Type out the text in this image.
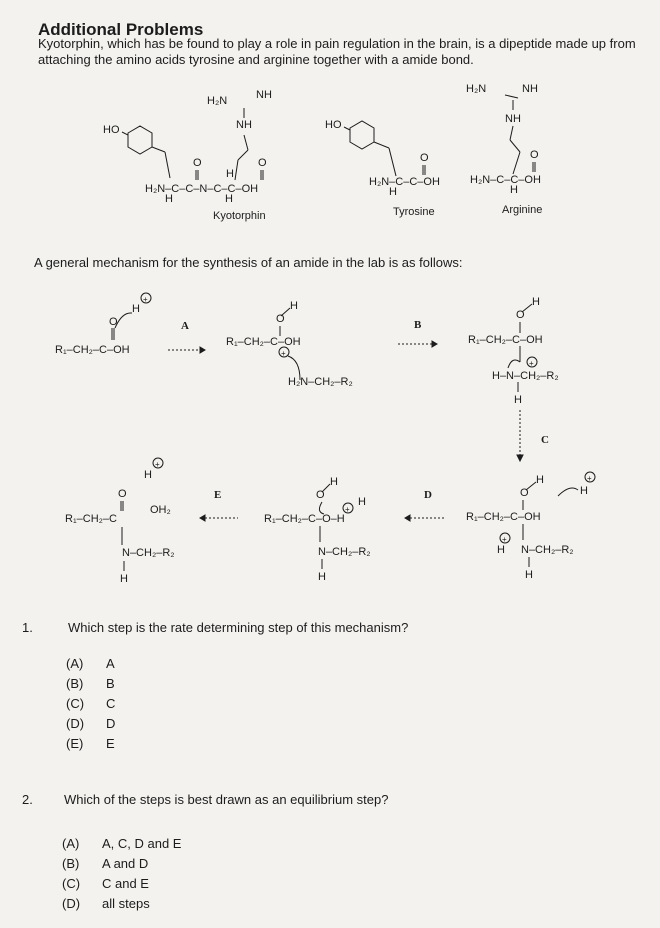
Additional Problems
Kyotorphin, which has be found to play a role in pain regulation in the brain, is a dipeptide made up from attaching the amino acids tyrosine and arginine together with a amide bond.
HO
H₂N–C–C–N–C–C–OH
H
O
H
O
H
NH
H₂N	NH
Kyotorphin
HO
H₂N–C–C–OH
H
O
Tyrosine
H₂N	NH
NH
H₂N–C–C–OH
H
O
Arginine
R₁–CH₂–C–OH
O
H
+
A
R₁–CH₂–C–OH
O
H
+
H₂N–CH₂–R₂
B
R₁–CH₂–C–OH
O
H
H–N–CH₂–R₂
+
H
C
R₁–CH₂–C–OH
O
H	+
H
H
+
N–CH₂–R₂
H
D
R₁–CH₂–C–O–H
O
H
H
+
N–CH₂–R₂
H
E
R₁–CH₂–C
O
OH₂
H
+
N–CH₂–R₂
H
A general mechanism for the synthesis of an amide in the lab is as follows:
1.	Which step is the rate determining step of this mechanism?
(A)	A
(B)	B
(C)	C
(D)	D
(E)	E
2. Which of the steps is best drawn as an equilibrium step?
(A)	A, C, D and E
(B)	A and D
(C)	C and E
(D)	all steps
